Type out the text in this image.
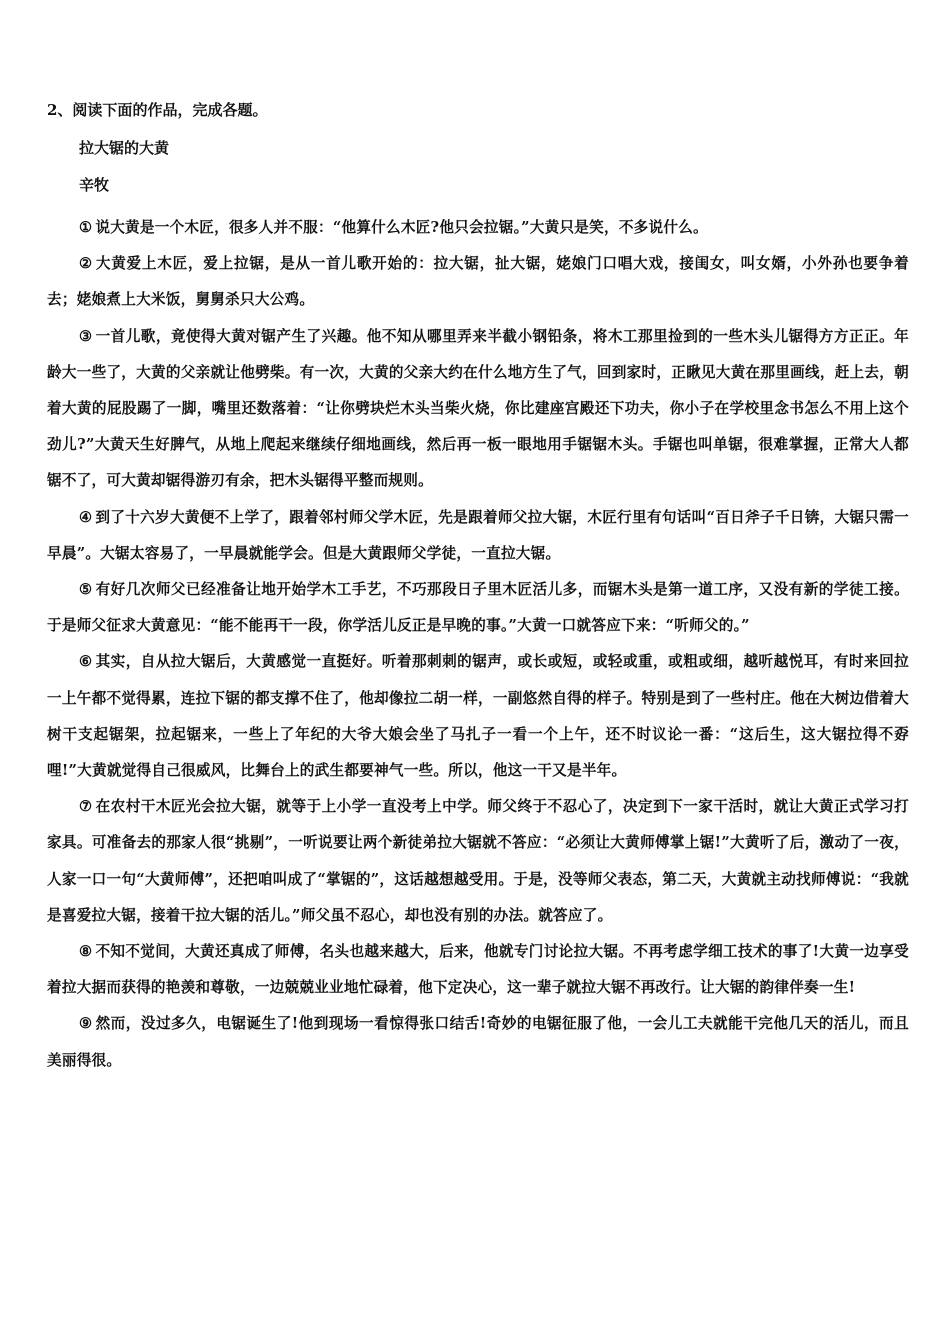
2、阅读下面的作品，完成各题。
拉大锯的大黄
辛牧

① 说大黄是一个木匠，很多人并不服：“他算什么木匠?他只会拉锯。”大黄只是笑，不多说什么。

② 大黄爱上木匠，爱上拉锯，是从一首儿歌开始的：拉大锯，扯大锯，姥娘门口唱大戏，接闺女，叫女婿，小外孙也要争着去；姥娘煮上大米饭，舅舅杀只大公鸡。

③ 一首儿歌，竟使得大黄对锯产生了兴趣。他不知从哪里弄来半截小钢铅条，将木工那里捡到的一些木头儿锯得方方正正。年龄大一些了，大黄的父亲就让他劈柴。有一次，大黄的父亲大约在什么地方生了气，回到家时，正瞅见大黄在那里画线，赶上去，朝着大黄的屁股踢了一脚，嘴里还数落着：“让你劈块烂木头当柴火烧，你比建座宫殿还下功夫，你小子在学校里念书怎么不用上这个劲儿?”大黄天生好脾气，从地上爬起来继续仔细地画线，然后再一板一眼地用手锯锯木头。手锯也叫单锯，很难掌握，正常大人都锯不了，可大黄却锯得游刃有余，把木头锯得平整而规则。

④ 到了十六岁大黄便不上学了，跟着邻村师父学木匠，先是跟着师父拉大锯，木匠行里有句话叫“百日斧子千日锛，大锯只需一早晨”。大锯太容易了，一早晨就能学会。但是大黄跟师父学徒，一直拉大锯。

⑤ 有好几次师父已经准备让地开始学木工手艺，不巧那段日子里木匠活儿多，而锯木头是第一道工序，又没有新的学徒工接。于是师父征求大黄意见：“能不能再干一段，你学活儿反正是早晚的事。”大黄一口就答应下来：“听师父的。”

⑥ 其实，自从拉大锯后，大黄感觉一直挺好。听着那刺刺的锯声，或长或短，或轻或重，或粗或细，越听越悦耳，有时来回拉一上午都不觉得累，连拉下锯的都支撑不住了，他却像拉二胡一样，一副悠然自得的样子。特别是到了一些村庄。他在大树边借着大树干支起锯架，拉起锯来，一些上了年纪的大爷大娘会坐了马扎子一看一个上午，还不时议论一番：“这后生，这大锯拉得不孬哩!”大黄就觉得自己很威风，比舞台上的武生都要神气一些。所以，他这一干又是半年。

⑦ 在农村干木匠光会拉大锯，就等于上小学一直没考上中学。师父终于不忍心了，决定到下一家干活时，就让大黄正式学习打家具。可准备去的那家人很“挑剔”，一听说要让两个新徒弟拉大锯就不答应：“必须让大黄师傅掌上锯!”大黄听了后，激动了一夜，人家一口一句“大黄师傅”，还把咱叫成了“掌锯的”，这话越想越受用。于是，没等师父表态，第二天，大黄就主动找师傅说：“我就是喜爱拉大锯，接着干拉大锯的活儿。”师父虽不忍心，却也没有别的办法。就答应了。

⑧ 不知不觉间，大黄还真成了师傅，名头也越来越大，后来，他就专门讨论拉大锯。不再考虑学细工技术的事了!大黄一边享受着拉大据而获得的艳羡和尊敬，一边兢兢业业地忙碌着，他下定决心，这一辈子就拉大锯不再改行。让大锯的韵律伴奏一生!

⑨ 然而，没过多久，电锯诞生了!他到现场一看惊得张口结舌!奇妙的电锯征服了他，一会儿工夫就能干完他几天的活儿，而且美丽得很。
